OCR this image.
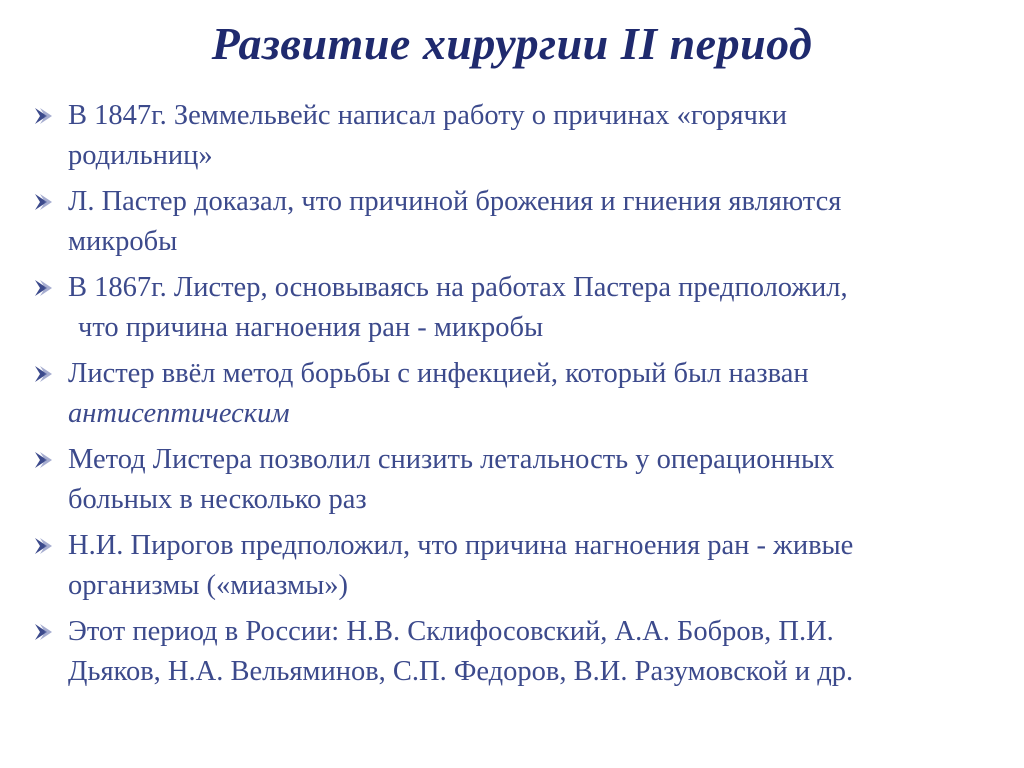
Развитие хирургии II период
В 1847г. Земмельвейс написал работу о причинах «горячки
родильниц»
Л. Пастер доказал, что причиной брожения и гниения являются
микробы
В 1867г. Листер, основываясь на работах Пастера предположил,
что причина нагноения ран - микробы
Листер ввёл метод борьбы с инфекцией, который был назван
антисептическим
Метод Листера позволил снизить летальность у операционных
больных в несколько раз
Н.И. Пирогов предположил, что причина нагноения ран - живые
организмы («миазмы»)
Этот период в России: Н.В. Склифосовский, А.А. Бобров, П.И.
Дьяков, Н.А. Вельяминов, С.П. Федоров, В.И. Разумовской и др.
